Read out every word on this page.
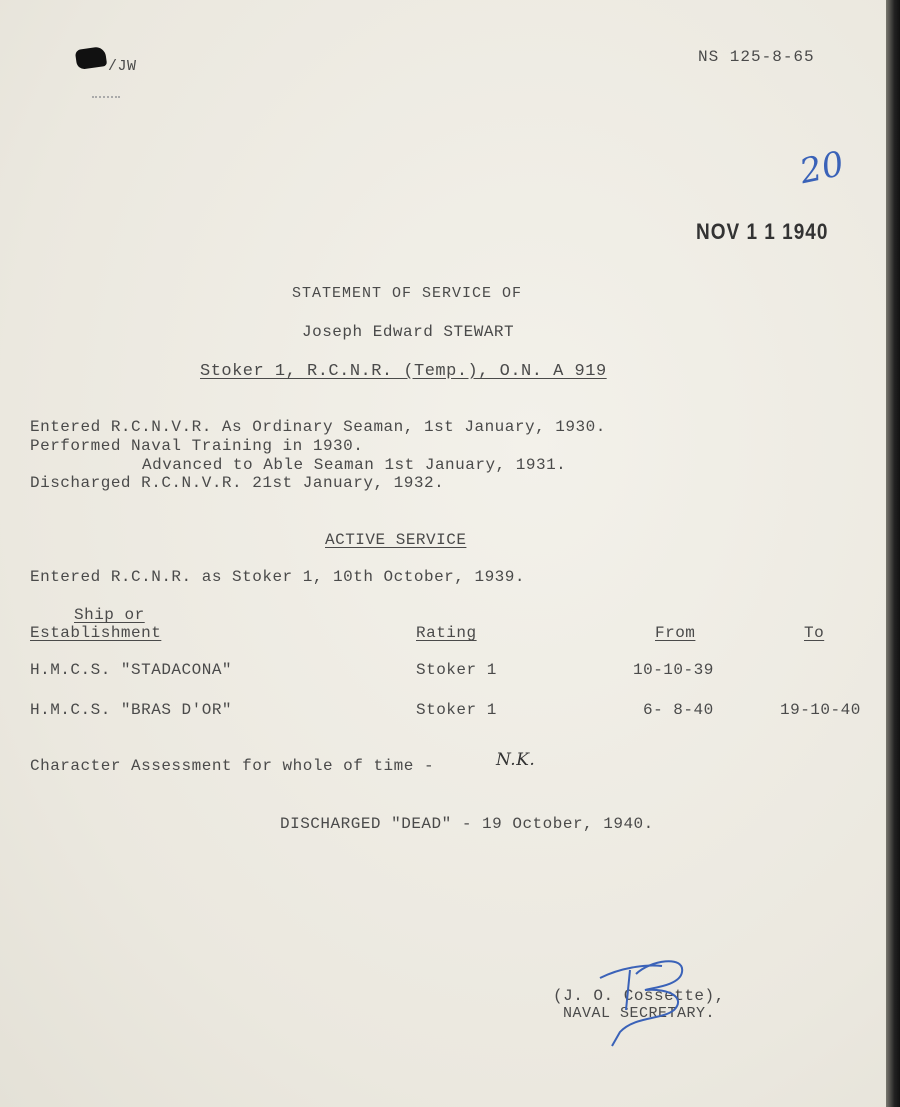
/JW
NS 125-8-65
20
NOV 1 1 1940
STATEMENT OF SERVICE OF
Joseph Edward STEWART
Stoker 1, R.C.N.R. (Temp.), O.N. A 919
Entered R.C.N.V.R. As Ordinary Seaman, 1st January, 1930.
Performed Naval Training in 1930.
Advanced to Able Seaman 1st January, 1931.
Discharged R.C.N.V.R. 21st January, 1932.
ACTIVE SERVICE
Entered R.C.N.R. as Stoker 1, 10th October, 1939.
Ship or
Establishment	Rating	From	To
H.M.C.S. "STADACONA"	Stoker 1	10-10-39
H.M.C.S. "BRAS D'OR"	Stoker 1	6- 8-40	19-10-40
Character Assessment for whole of time -	N.K.
DISCHARGED "DEAD" - 19 October, 1940.
(J. O. Cossette),
NAVAL SECRETARY.
